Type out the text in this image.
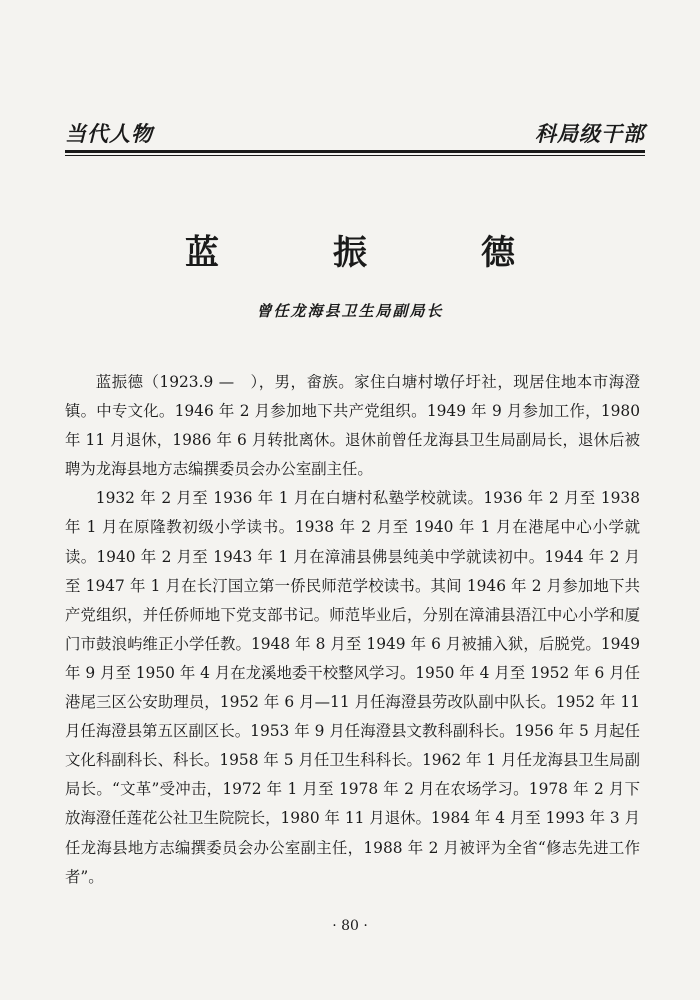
当代人物	科局级干部
蓝　振　德
曾任龙海县卫生局副局长

蓝振德（1923.9 —　），男，畲族。家住白塘村墩仔圩社，现居住地本市海澄镇。中专文化。1946 年 2 月参加地下共产党组织。1949 年 9 月参加工作，1980 年 11 月退休，1986 年 6 月转批离休。退休前曾任龙海县卫生局副局长，退休后被聘为龙海县地方志编撰委员会办公室副主任。

1932 年 2 月至 1936 年 1 月在白塘村私塾学校就读。1936 年 2 月至 1938 年 1 月在原隆教初级小学读书。1938 年 2 月至 1940 年 1 月在港尾中心小学就读。1940 年 2 月至 1943 年 1 月在漳浦县佛昙纯美中学就读初中。1944 年 2 月至 1947 年 1 月在长汀国立第一侨民师范学校读书。其间 1946 年 2 月参加地下共产党组织，并任侨师地下党支部书记。师范毕业后，分别在漳浦县浯江中心小学和厦门市鼓浪屿维正小学任教。1948 年 8 月至 1949 年 6 月被捕入狱，后脱党。1949 年 9 月至 1950 年 4 月在龙溪地委干校整风学习。1950 年 4 月至 1952 年 6 月任港尾三区公安助理员，1952 年 6 月—11 月任海澄县劳改队副中队长。1952 年 11 月任海澄县第五区副区长。1953 年 9 月任海澄县文教科副科长。1956 年 5 月起任文化科副科长、科长。1958 年 5 月任卫生科科长。1962 年 1 月任龙海县卫生局副局长。“文革”受冲击，1972 年 1 月至 1978 年 2 月在农场学习。1978 年 2 月下放海澄任莲花公社卫生院院长，1980 年 11 月退休。1984 年 4 月至 1993 年 3 月任龙海县地方志编撰委员会办公室副主任，1988 年 2 月被评为全省“修志先进工作者”。

· 80 ·
